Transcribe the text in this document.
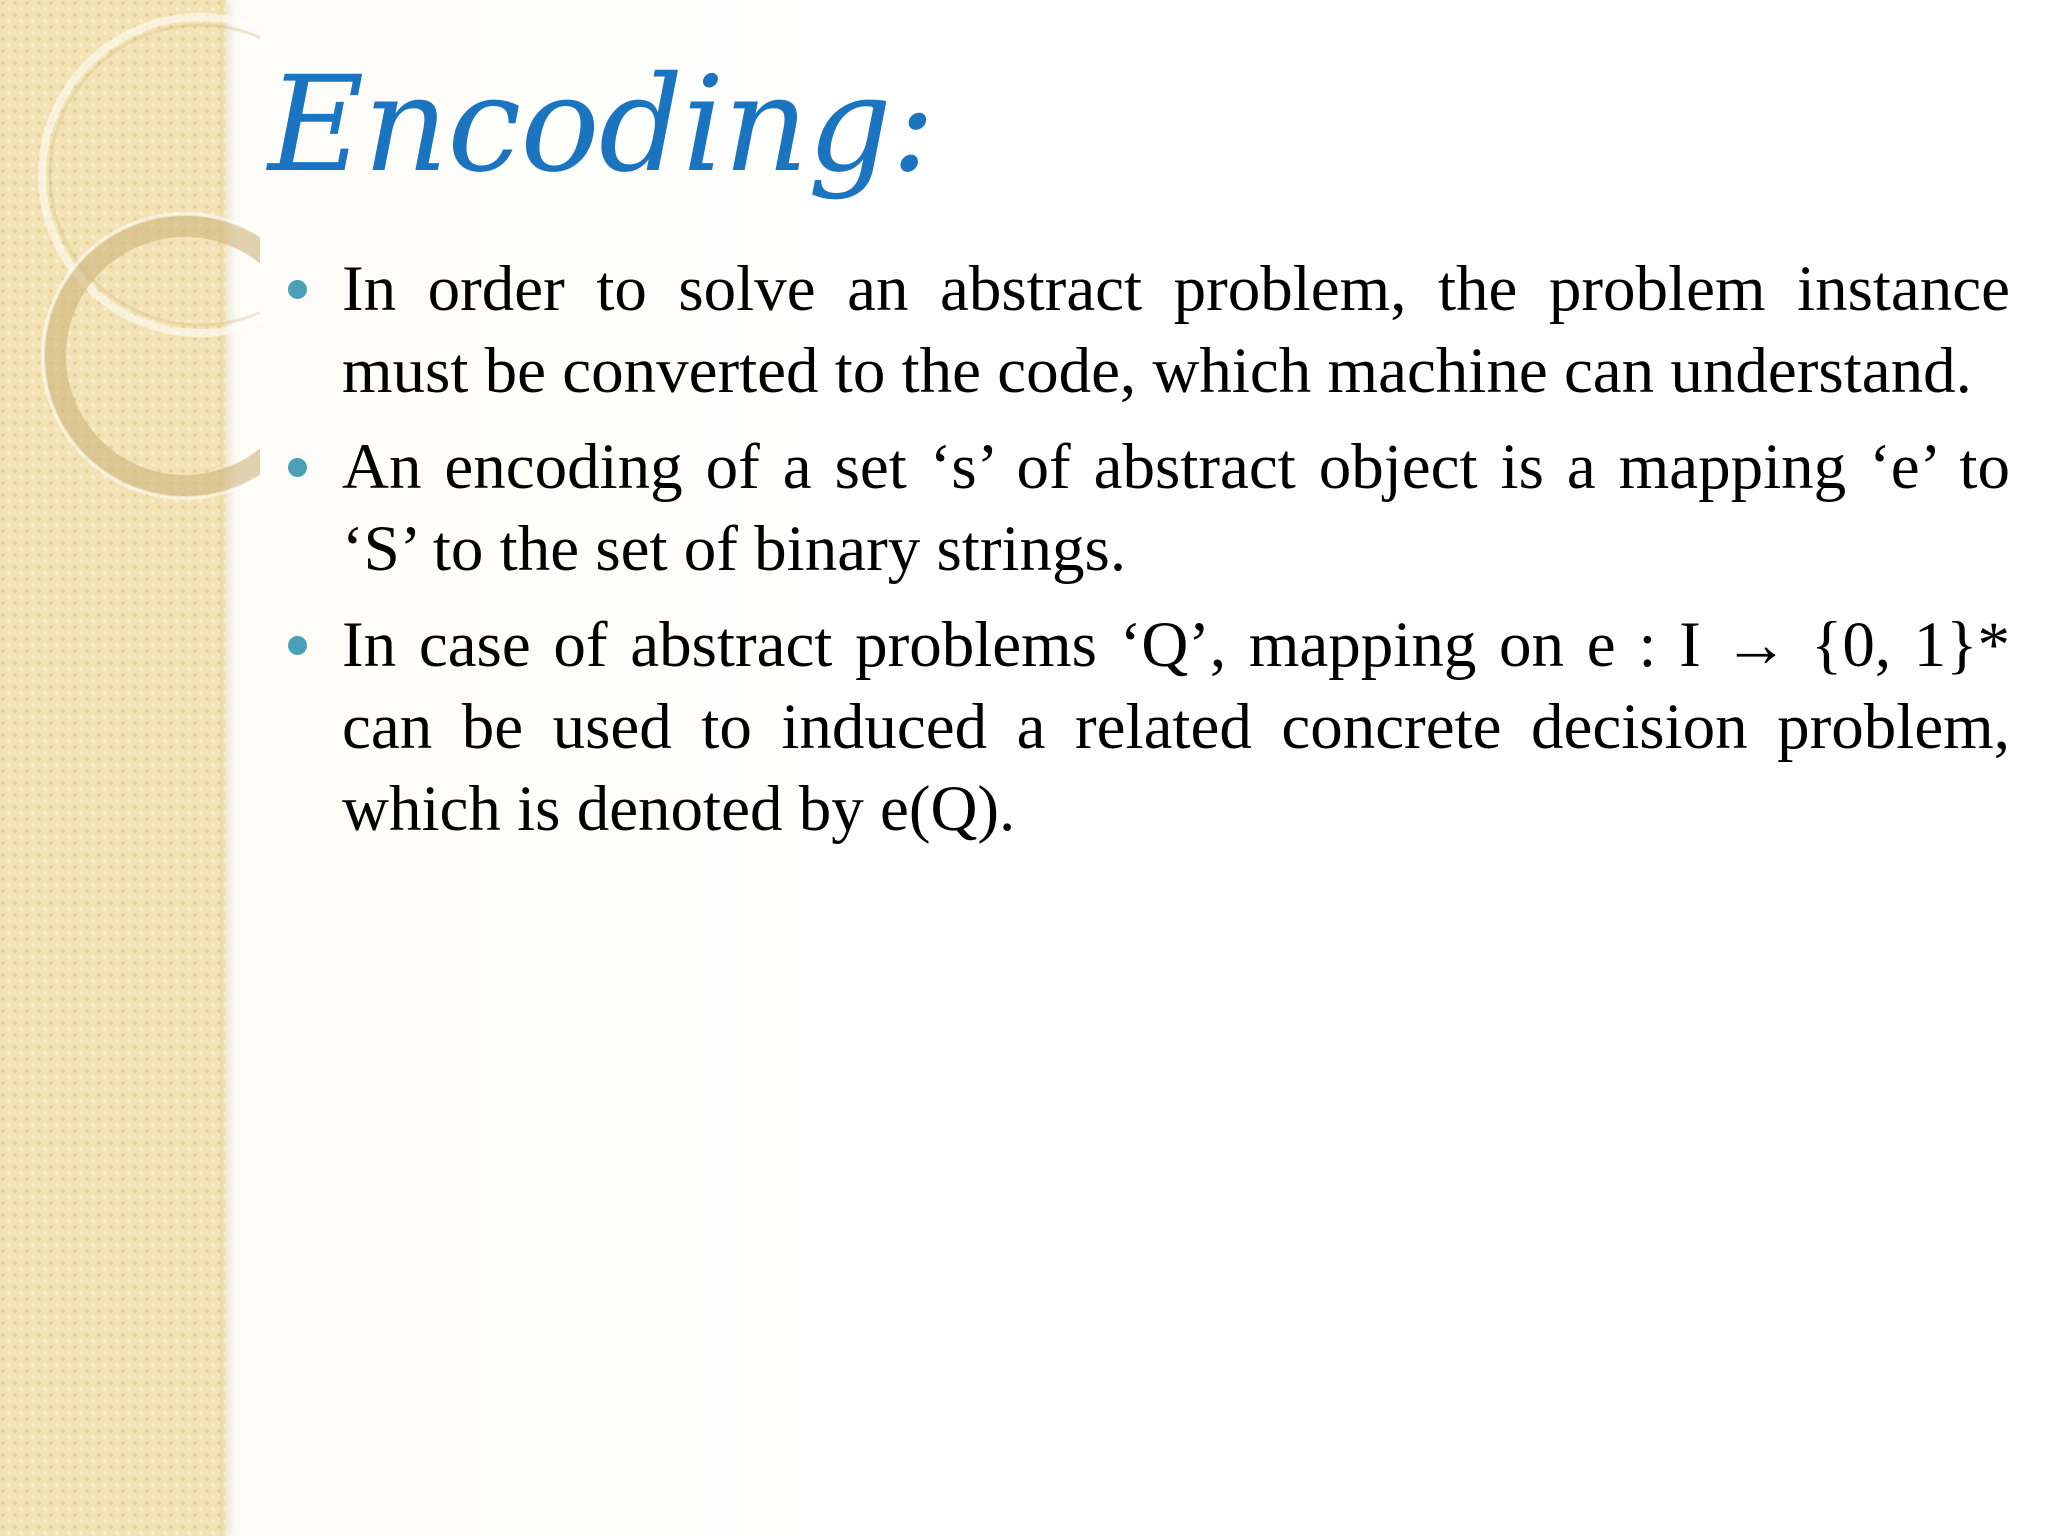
Encoding:
In order to solve an abstract problem, the problem instance must be converted to the code, which machine can understand.
An encoding of a set ‘s’ of abstract object is a mapping ‘e’ to ‘S’ to the set of binary strings.
In case of abstract problems ‘Q’, mapping on e : I → {0, 1}* can be used to induced a related concrete decision problem, which is denoted by e(Q).
